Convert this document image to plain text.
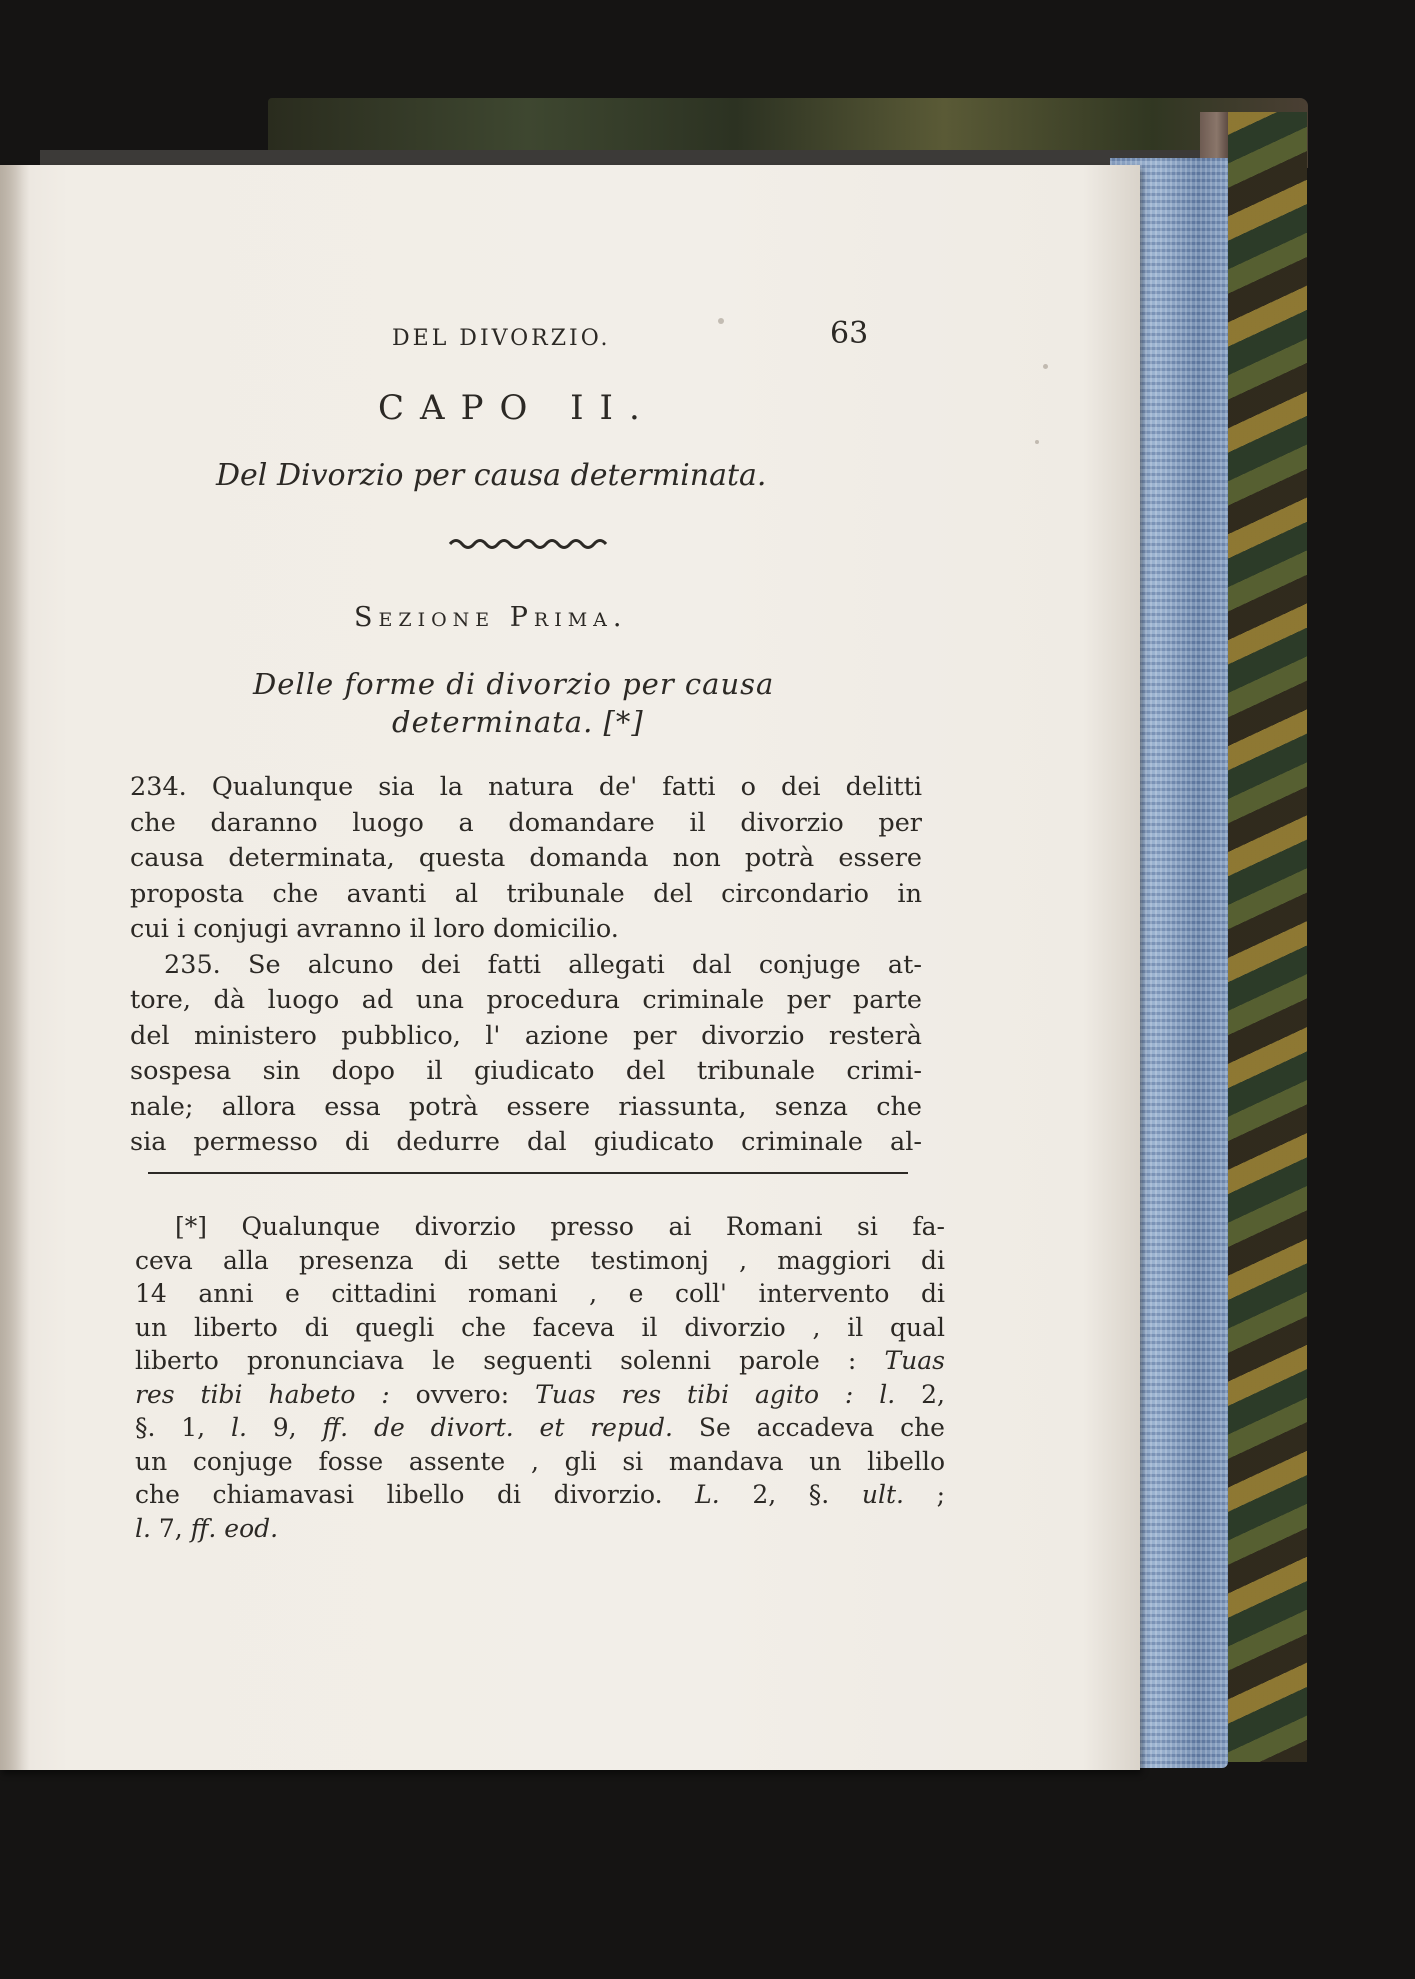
DEL DIVORZIO.	63
CAPO II.
Del Divorzio per causa determinata.
Sezione Prima.
Delle forme di divorzio per causa
determinata. [*]
234. Qualunque sia la natura de' fatti o dei delitti
che daranno luogo a domandare il divorzio per
causa determinata, questa domanda non potrà essere
proposta che avanti al tribunale del circondario in
cui i conjugi avranno il loro domicilio.
235. Se alcuno dei fatti allegati dal conjuge at-
tore, dà luogo ad una procedura criminale per parte
del ministero pubblico, l' azione per divorzio resterà
sospesa sin dopo il giudicato del tribunale crimi-
nale; allora essa potrà essere riassunta, senza che
sia permesso di dedurre dal giudicato criminale al-
[*] Qualunque divorzio presso ai Romani si fa-
ceva alla presenza di sette testimonj , maggiori di
14 anni e cittadini romani , e coll' intervento di
un liberto di quegli che faceva il divorzio , il qual
liberto pronunciava le seguenti solenni parole : Tuas
res tibi habeto : ovvero: Tuas res tibi agito : l. 2,
§. 1, l. 9, ff. de divort. et repud. Se accadeva che
un conjuge fosse assente , gli si mandava un libello
che chiamavasi libello di divorzio. L. 2, §. ult. ;
l. 7, ff. eod.
